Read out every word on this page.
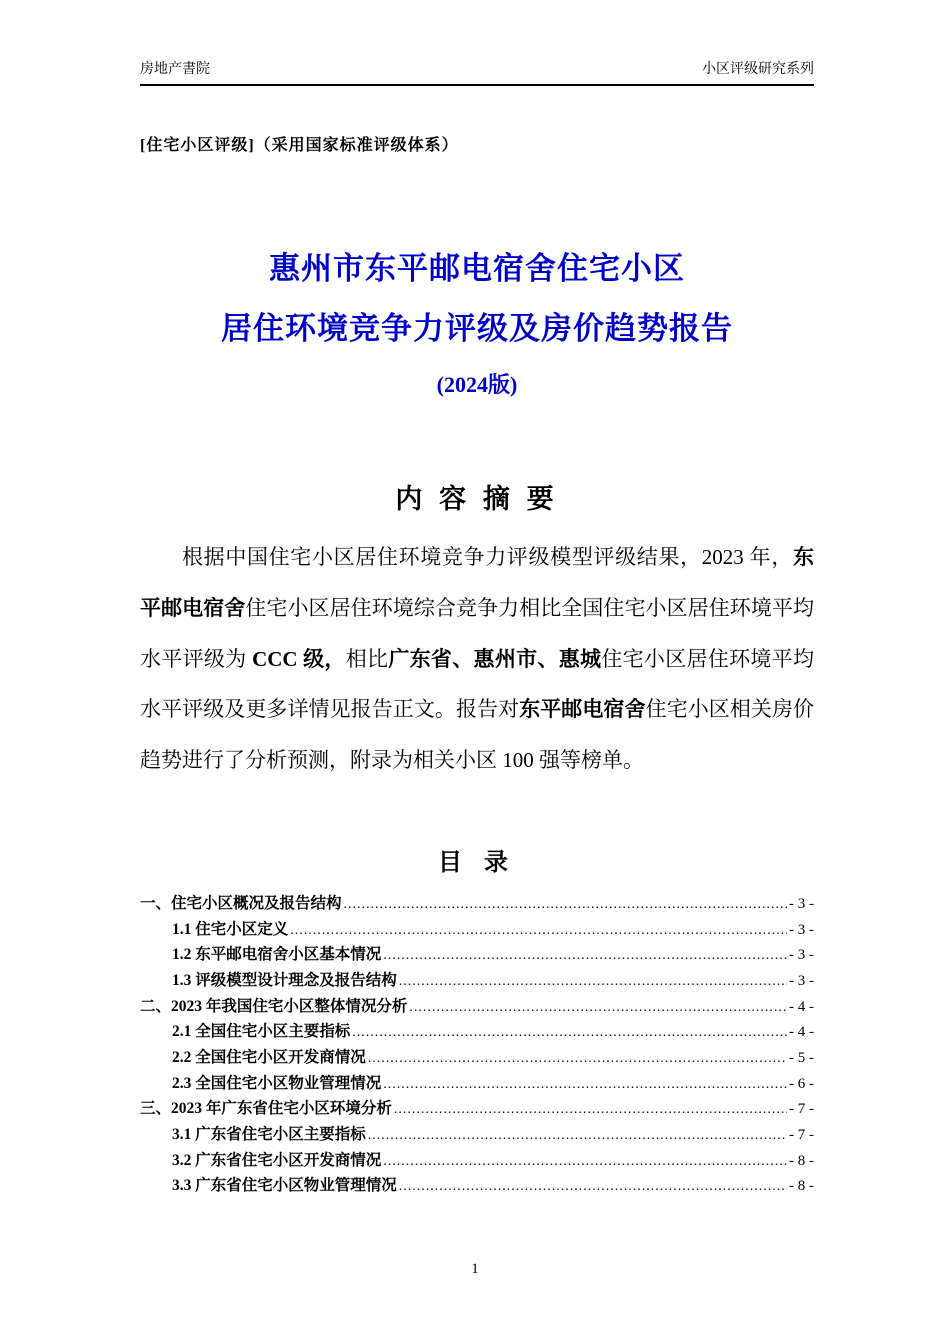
房地产書院	小区评级研究系列
[住宅小区评级]（采用国家标准评级体系）
惠州市东平邮电宿舍住宅小区
居住环境竞争力评级及房价趋势报告
(2024版)
内 容 摘 要

根据中国住宅小区居住环境竞争力评级模型评级结果，2023 年，东平邮电宿舍住宅小区居住环境综合竞争力相比全国住宅小区居住环境平均水平评级为 CCC 级，相比广东省、惠州市、惠城住宅小区居住环境平均水平评级及更多详情见报告正文。报告对东平邮电宿舍住宅小区相关房价趋势进行了分析预测，附录为相关小区 100 强等榜单。

目 录
一、住宅小区概况及报告结构 .....	- 3 -
1.1 住宅小区定义 .....	- 3 -
1.2 东平邮电宿舍小区基本情况 .....	- 3 -
1.3 评级模型设计理念及报告结构 .....	- 3 -
二、2023 年我国住宅小区整体情况分析 .....	- 4 -
2.1 全国住宅小区主要指标 .....	- 4 -
2.2 全国住宅小区开发商情况 .....	- 5 -
2.3 全国住宅小区物业管理情况 .....	- 6 -
三、2023 年广东省住宅小区环境分析 .....	- 7 -
3.1 广东省住宅小区主要指标 .....	- 7 -
3.2 广东省住宅小区开发商情况 .....	- 8 -
3.3 广东省住宅小区物业管理情况 .....	- 8 -
1
